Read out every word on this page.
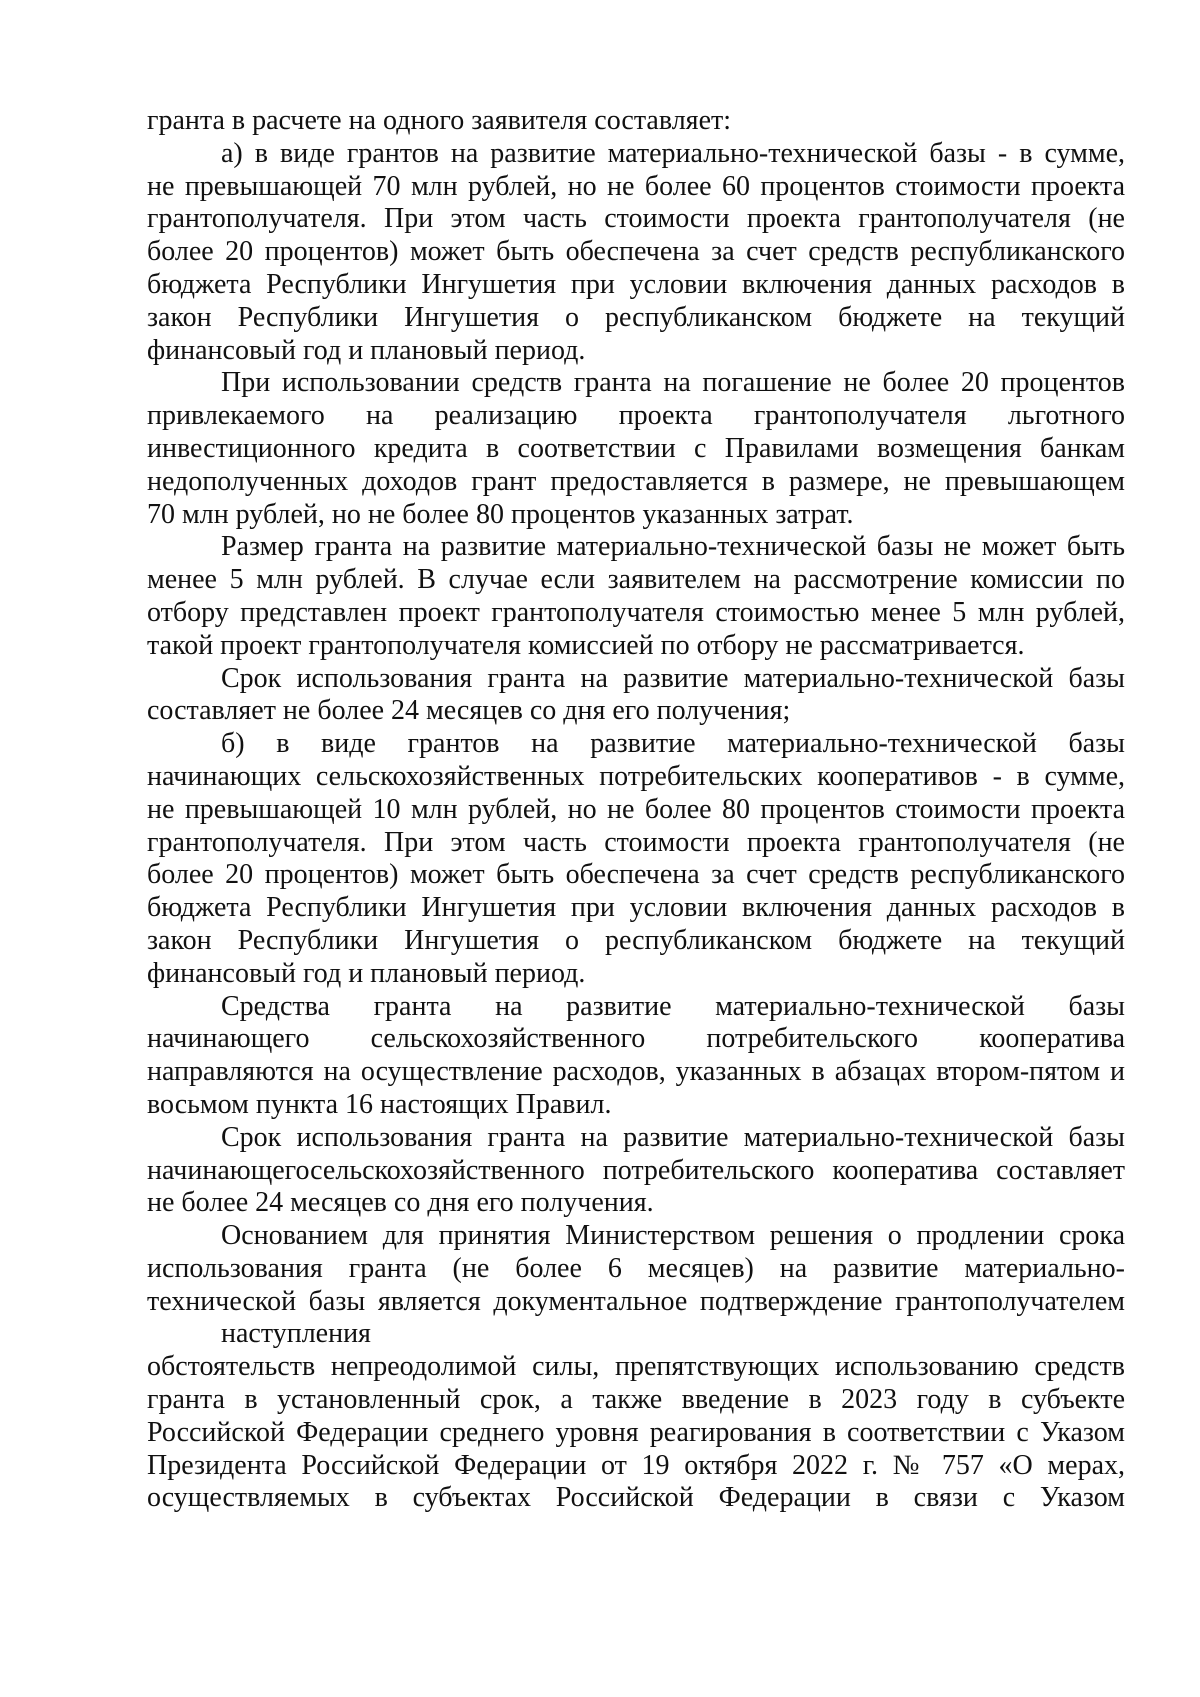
гранта в расчете на одного заявителя составляет:
а) в виде грантов на развитие материально-технической базы - в сумме,
не превышающей 70 млн рублей, но не более 60 процентов стоимости проекта
грантополучателя. При этом часть стоимости проекта грантополучателя (не
более 20 процентов) может быть обеспечена за счет средств республиканского
бюджета Республики Ингушетия при условии включения данных расходов в
закон Республики Ингушетия о республиканском бюджете на текущий
финансовый год и плановый период.
При использовании средств гранта на погашение не более 20 процентов
привлекаемого на реализацию проекта грантополучателя льготного
инвестиционного кредита в соответствии с Правилами возмещения банкам
недополученных доходов грант предоставляется в размере, не превышающем
70 млн рублей, но не более 80 процентов указанных затрат.
Размер гранта на развитие материально-технической базы не может быть
менее 5 млн рублей. В случае если заявителем на рассмотрение комиссии по
отбору представлен проект грантополучателя стоимостью менее 5 млн рублей,
такой проект грантополучателя комиссией по отбору не рассматривается.
Срок использования гранта на развитие материально-технической базы
составляет не более 24 месяцев со дня его получения;
б) в виде грантов на развитие материально-технической базы
начинающих сельскохозяйственных потребительских кооперативов - в сумме,
не превышающей 10 млн рублей, но не более 80 процентов стоимости проекта
грантополучателя. При этом часть стоимости проекта грантополучателя (не
более 20 процентов) может быть обеспечена за счет средств республиканского
бюджета Республики Ингушетия при условии включения данных расходов в
закон Республики Ингушетия о республиканском бюджете на текущий
финансовый год и плановый период.
Средства гранта на развитие материально-технической базы
начинающего сельскохозяйственного потребительского кооператива
направляются на осуществление расходов, указанных в абзацах втором-пятом и
восьмом пункта 16 настоящих Правил.
Срок использования гранта на развитие материально-технической базы
начинающегосельскохозяйственного потребительского кооператива составляет
не более 24 месяцев со дня его получения.
Основанием для принятия Министерством решения о продлении срока
использования гранта (не более 6 месяцев) на развитие материально-
технической базы является документальное подтверждение грантополучателем
наступления
обстоятельств непреодолимой силы, препятствующих использованию средств
гранта в установленный срок, а также введение в 2023 году в субъекте
Российской Федерации среднего уровня реагирования в соответствии с Указом
Президента Российской Федерации от 19 октября 2022 г. № 757 «О мерах,
осуществляемых в субъектах Российской Федерации в связи с Указом
